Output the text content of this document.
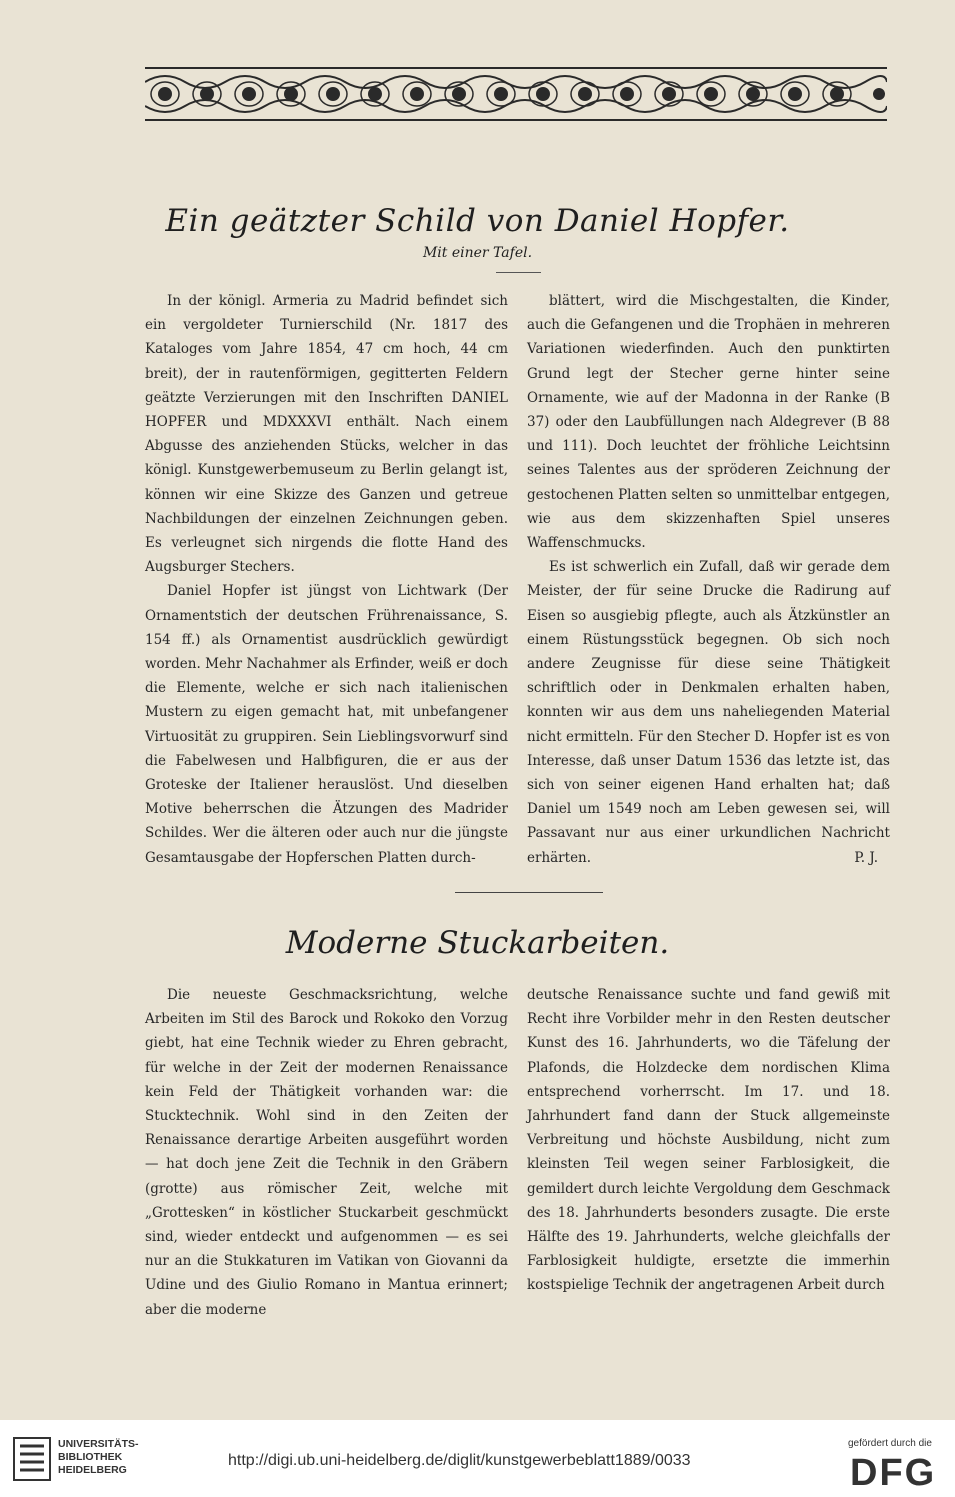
Ein geätzter Schild von Daniel Hopfer.
Mit einer Tafel.

In der königl. Armeria zu Madrid befindet sich ein vergoldeter Turnierschild (Nr. 1817 des Kataloges vom Jahre 1854, 47 cm hoch, 44 cm breit), der in rautenförmigen, gegitterten Feldern geätzte Verzierungen mit den Inschriften DANIEL HOPFER und MDXXXVI enthält. Nach einem Abgusse des anziehenden Stücks, welcher in das königl. Kunstgewerbemuseum zu Berlin gelangt ist, können wir eine Skizze des Ganzen und getreue Nachbildungen der einzelnen Zeichnungen geben. Es verleugnet sich nirgends die flotte Hand des Augsburger Stechers.

Daniel Hopfer ist jüngst von Lichtwark (Der Ornamentstich der deutschen Frührenaissance, S. 154 ff.) als Ornamentist ausdrücklich gewürdigt worden. Mehr Nachahmer als Erfinder, weiß er doch die Elemente, welche er sich nach italienischen Mustern zu eigen gemacht hat, mit unbefangener Virtuosität zu gruppiren. Sein Lieblingsvorwurf sind die Fabelwesen und Halbfiguren, die er aus der Groteske der Italiener herauslöst. Und dieselben Motive beherrschen die Ätzungen des Madrider Schildes. Wer die älteren oder auch nur die jüngste Gesamtausgabe der Hopferschen Platten durch-

blättert, wird die Mischgestalten, die Kinder, auch die Gefangenen und die Trophäen in mehreren Variationen wiederfinden. Auch den punktirten Grund legt der Stecher gerne hinter seine Ornamente, wie auf der Madonna in der Ranke (B 37) oder den Laubfüllungen nach Aldegrever (B 88 und 111). Doch leuchtet der fröhliche Leichtsinn seines Talentes aus der spröderen Zeichnung der gestochenen Platten selten so unmittelbar entgegen, wie aus dem skizzenhaften Spiel unseres Waffenschmucks.

Es ist schwerlich ein Zufall, daß wir gerade dem Meister, der für seine Drucke die Radirung auf Eisen so ausgiebig pflegte, auch als Ätzkünstler an einem Rüstungsstück begegnen. Ob sich noch andere Zeugnisse für diese seine Thätigkeit schriftlich oder in Denkmalen erhalten haben, konnten wir aus dem uns naheliegenden Material nicht ermitteln. Für den Stecher D. Hopfer ist es von Interesse, daß unser Datum 1536 das letzte ist, das sich von seiner eigenen Hand erhalten hat; daß Daniel um 1549 noch am Leben gewesen sei, will Passavant nur aus einer urkundlichen Nachricht erhärten.	P. J.
Moderne Stuckarbeiten.

Die neueste Geschmacksrichtung, welche Arbeiten im Stil des Barock und Rokoko den Vorzug giebt, hat eine Technik wieder zu Ehren gebracht, für welche in der Zeit der modernen Renaissance kein Feld der Thätigkeit vorhanden war: die Stucktechnik. Wohl sind in den Zeiten der Renaissance derartige Arbeiten ausgeführt worden — hat doch jene Zeit die Technik in den Gräbern (grotte) aus römischer Zeit, welche mit „Grottesken“ in köstlicher Stuckarbeit geschmückt sind, wieder entdeckt und aufgenommen — es sei nur an die Stukkaturen im Vatikan von Giovanni da Udine und des Giulio Romano in Mantua erinnert; aber die moderne

deutsche Renaissance suchte und fand gewiß mit Recht ihre Vorbilder mehr in den Resten deutscher Kunst des 16. Jahrhunderts, wo die Täfelung der Plafonds, die Holzdecke dem nordischen Klima entsprechend vorherrscht. Im 17. und 18. Jahrhundert fand dann der Stuck allgemeinste Verbreitung und höchste Ausbildung, nicht zum kleinsten Teil wegen seiner Farblosigkeit, die gemildert durch leichte Vergoldung dem Geschmack des 18. Jahrhunderts besonders zusagte. Die erste Hälfte des 19. Jahrhunderts, welche gleichfalls der Farblosigkeit huldigte, ersetzte die immerhin kostspielige Technik der angetragenen Arbeit durch

UNIVERSITÄTS-
BIBLIOTHEK
HEIDELBERG
http://digi.ub.uni-heidelberg.de/diglit/kunstgewerbeblatt1889/0033
gefördert durch die
DFG
